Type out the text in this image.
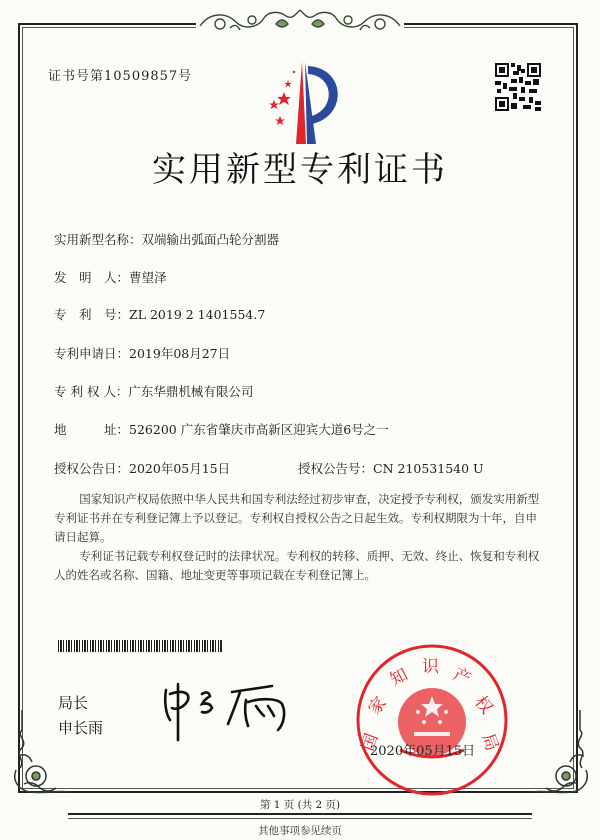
证书号第10509857号
实用新型专利证书
实用新型名称：双端输出弧面凸轮分割器
发　明　人：曹望泽
专　利　号：ZL 2019 2 1401554.7
专利申请日：2019年08月27日
专 利 权 人：广东华鼎机械有限公司
地　　　址：526200 广东省肇庆市高新区迎宾大道6号之一
授权公告日：2020年05月15日	授权公告号：CN 210531540 U

国家知识产权局依照中华人民共和国专利法经过初步审查，决定授予专利权，颁发实用新型专利证书并在专利登记簿上予以登记。专利权自授权公告之日起生效。专利权期限为十年，自申请日起算。

专利证书记载专利权登记时的法律状况。专利权的转移、质押、无效、终止、恢复和专利权人的姓名或名称、国籍、地址变更等事项记载在专利登记簿上。

局长
申长雨
国
家
知 识 产
权
局
2020年05月15日
第 1 页 (共 2 页)
其他事项参见续页
